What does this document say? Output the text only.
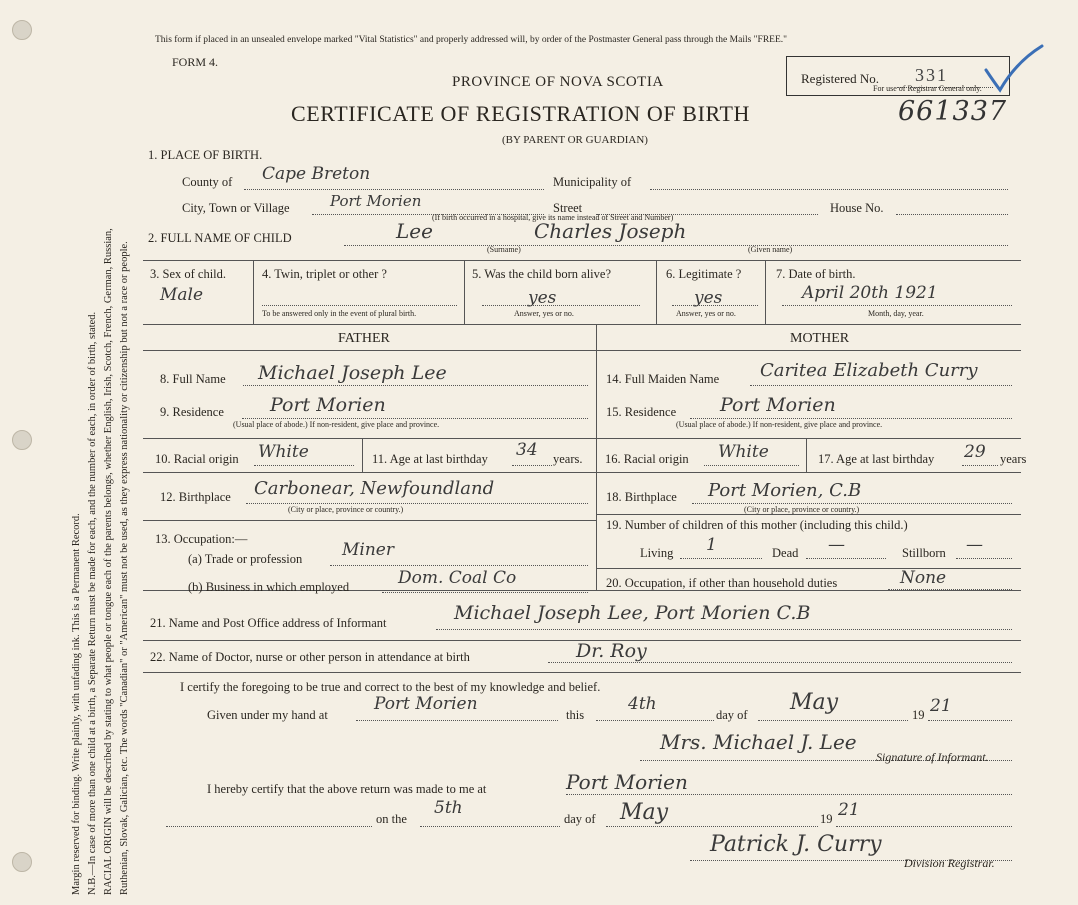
Margin reserved for binding. Write plainly, with unfading ink. This is a Permanent Record. N.B.—In case of more than one child at a birth, a Separate Return must be made for each, and the number of each, in order of birth, stated. RACIAL ORIGIN will be described by stating to what people or tongue each of the parents belongs, whether English, Irish, Scotch, French, German, Russian, Ruthenian, Slovak, Galician, etc. The words "Canadian" or "American" must not be used, as they express nationality or citizenship but not a race or people.
This form if placed in an unsealed envelope marked "Vital Statistics" and properly addressed will, by order of the Postmaster General pass through the Mails "FREE."
FORM 4.
PROVINCE OF NOVA SCOTIA
CERTIFICATE OF REGISTRATION OF BIRTH
(BY PARENT OR GUARDIAN)
Registered No. 331
For use of Registrar General only.
661337
1. PLACE OF BIRTH.
County of Cape Breton	Municipality of
City, Town or Village	Port Morien	Street	House No.
(If birth occurred in a hospital, give its name instead of Street and Number)
2. FULL NAME OF CHILD	Lee	Charles Joseph
(Surname)	(Given name)
3. Sex of child.
Male
4. Twin, triplet or other ?
To be answered only in the event of plural birth.
5. Was the child born alive?
yes
Answer, yes or no.
6. Legitimate ?
yes
Answer, yes or no.
7. Date of birth.
April 20th 1921
Month, day, year.
FATHER	MOTHER
8. Full Name Michael Joseph Lee
9. Residence Port Morien
(Usual place of abode.) If non-resident, give place and province.
10. Racial origin White	11. Age at last birthday 34 years.
12. Birthplace Carbonear, Newfoundland
(City or place, province or country.)
13. Occupation:—
(a) Trade or profession Miner
(b) Business in which employed	Dom. Coal Co
14. Full Maiden Name Caritea Elizabeth Curry
15. Residence Port Morien
(Usual place of abode.) If non-resident, give place and province.
16. Racial origin White	17. Age at last birthday 29 years
18. Birthplace Port Morien, C.B
(City or place, province or country.)
19. Number of children of this mother (including this child.)
Living 1	Dead —	Stillborn —
20. Occupation, if other than household duties	None
21. Name and Post Office address of Informant	Michael Joseph Lee, Port Morien C.B
22. Name of Doctor, nurse or other person in attendance at birth	Dr. Roy
I certify the foregoing to be true and correct to the best of my knowledge and belief.
Given under my hand at
Port Morien
this
4th
day of May	19 21
Mrs. Michael J. Lee
Signature of Informant.
I hereby certify that the above return was made to me at	Port Morien
on the
5th
day of May	19 21
Patrick J. Curry
Division Registrar.
